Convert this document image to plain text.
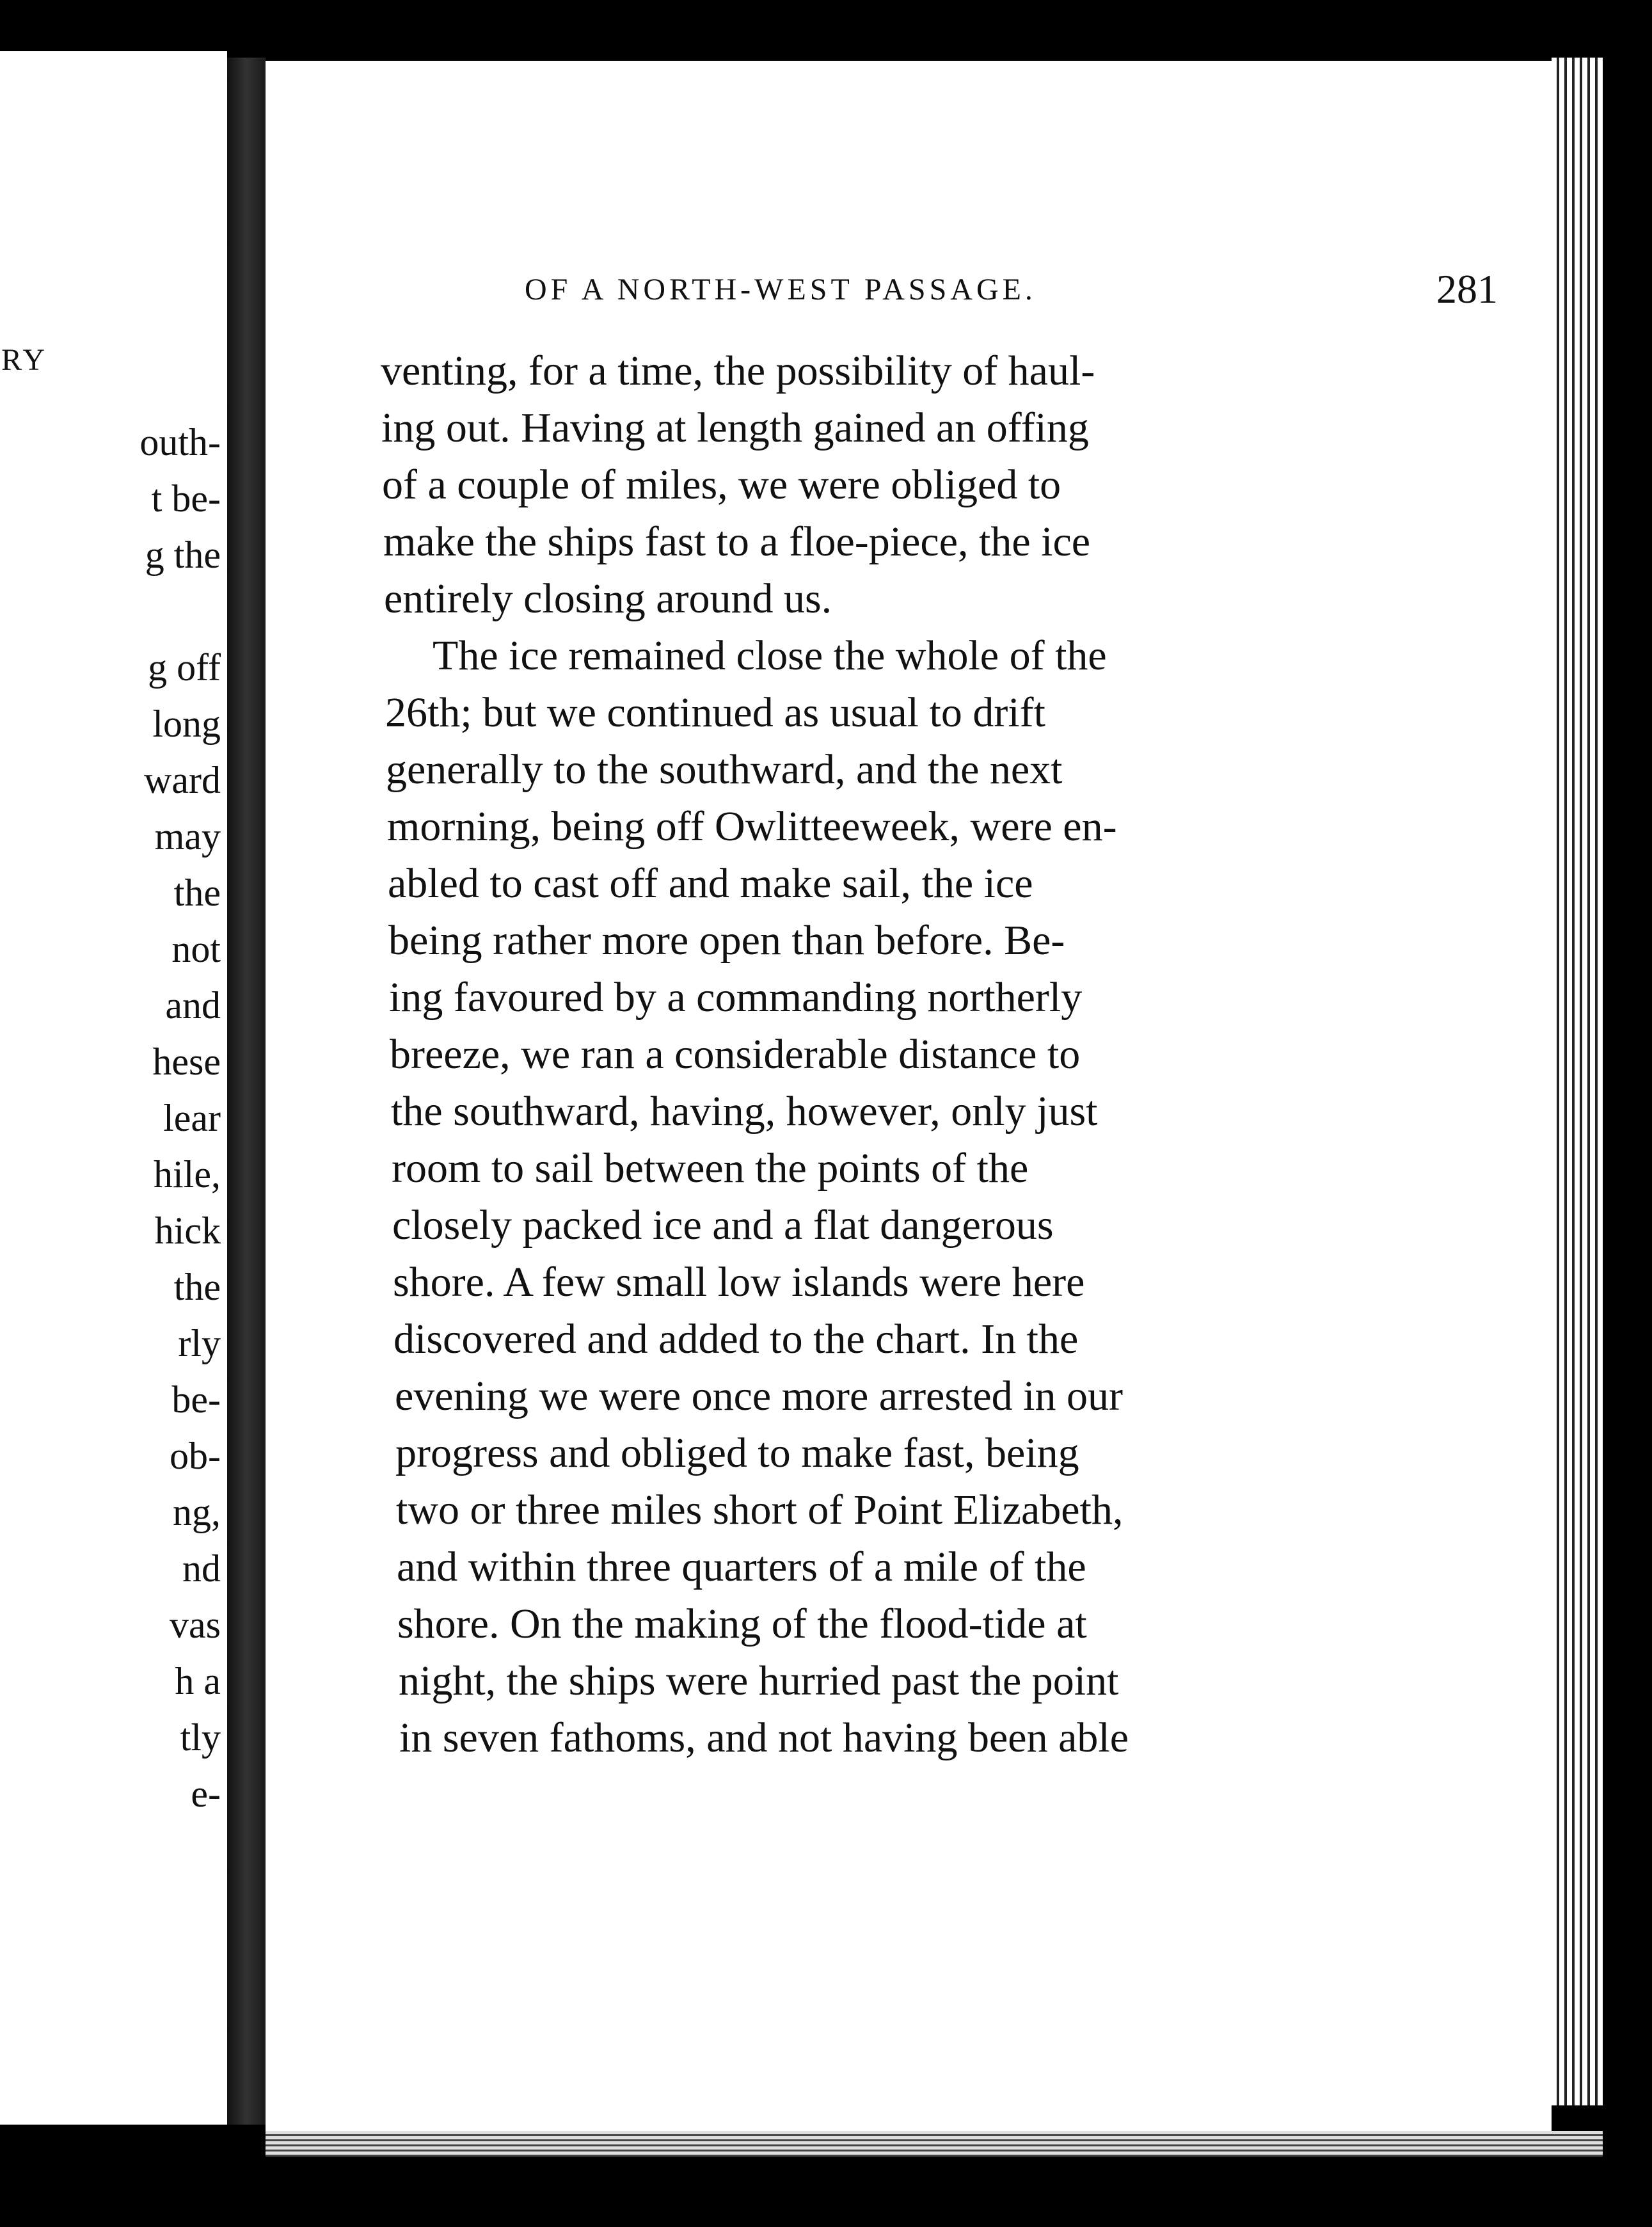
RY
outh-
t be-
g the
g off
long
ward
may
the
not
and
hese
lear
hile,
hick
the
rly
be-
ob-
ng,
nd
vas
h a
tly
e-
OF A NORTH-WEST PASSAGE.	281
venting, for a time, the possibility of haul-
ing out. Having at length gained an offing
of a couple of miles, we were obliged to
make the ships fast to a floe-piece, the ice
entirely closing around us.
The ice remained close the whole of the
26th; but we continued as usual to drift
generally to the southward, and the next
morning, being off Owlitteeweek, were en-
abled to cast off and make sail, the ice
being rather more open than before. Be-
ing favoured by a commanding northerly
breeze, we ran a considerable distance to
the southward, having, however, only just
room to sail between the points of the
closely packed ice and a flat dangerous
shore. A few small low islands were here
discovered and added to the chart. In the
evening we were once more arrested in our
progress and obliged to make fast, being
two or three miles short of Point Elizabeth,
and within three quarters of a mile of the
shore. On the making of the flood-tide at
night, the ships were hurried past the point
in seven fathoms, and not having been able
